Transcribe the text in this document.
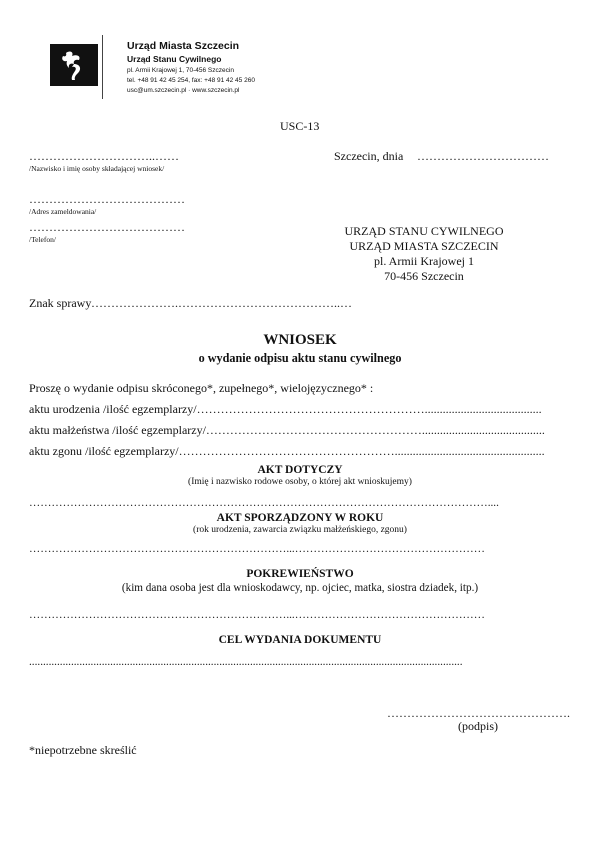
Urząd Miasta Szczecin
Urząd Stanu Cywilnego
pl. Armii Krajowej 1, 70-456 Szczecin
tel. +48 91 42 45 254, fax: +48 91 42 45 260
usc@um.szczecin.pl · www.szczecin.pl
USC-13
…………………………..……
/Nazwisko i imię osoby składającej wniosek/
…………………………………
/Adres zameldowania/
…………………………………
/Telefon/
Szczecin, dnia ……………………………
URZĄD STANU CYWILNEGO
URZĄD MIASTA SZCZECIN
pl. Armii Krajowej 1
70-456 Szczecin
Znak sprawy ………………….…………………………………..…
WNIOSEK
o wydanie odpisu aktu stanu cywilnego
Proszę o wydanie odpisu skróconego*, zupełnego*, wielojęzycznego* :
aktu urodzenia /ilość egzemplarzy/………………………………………………….......................................
aktu małżeństwa /ilość egzemplarzy/……………………………………………….........................................
aktu zgonu /ilość egzemplarzy/………………………………………………..................................................
AKT DOTYCZY
(Imię i nazwisko rodowe osoby, o której akt wnioskujemy)
……………………………………………………………………………………………………………....
AKT SPORZĄDZONY W ROKU
(rok urodzenia, zawarcia związku małżeńskiego, zgonu)
……………………………………………………………...……………………………………………
POKREWIEŃSTWO
(kim dana osoba jest dla wnioskodawcy, np. ojciec, matka, siostra dziadek, itp.)
……………………………………………………………...……………………………………………
CEL WYDANIA DOKUMENTU
...........................................................................................................................................................
……………………………………….
(podpis)
*niepotrzebne skreślić
